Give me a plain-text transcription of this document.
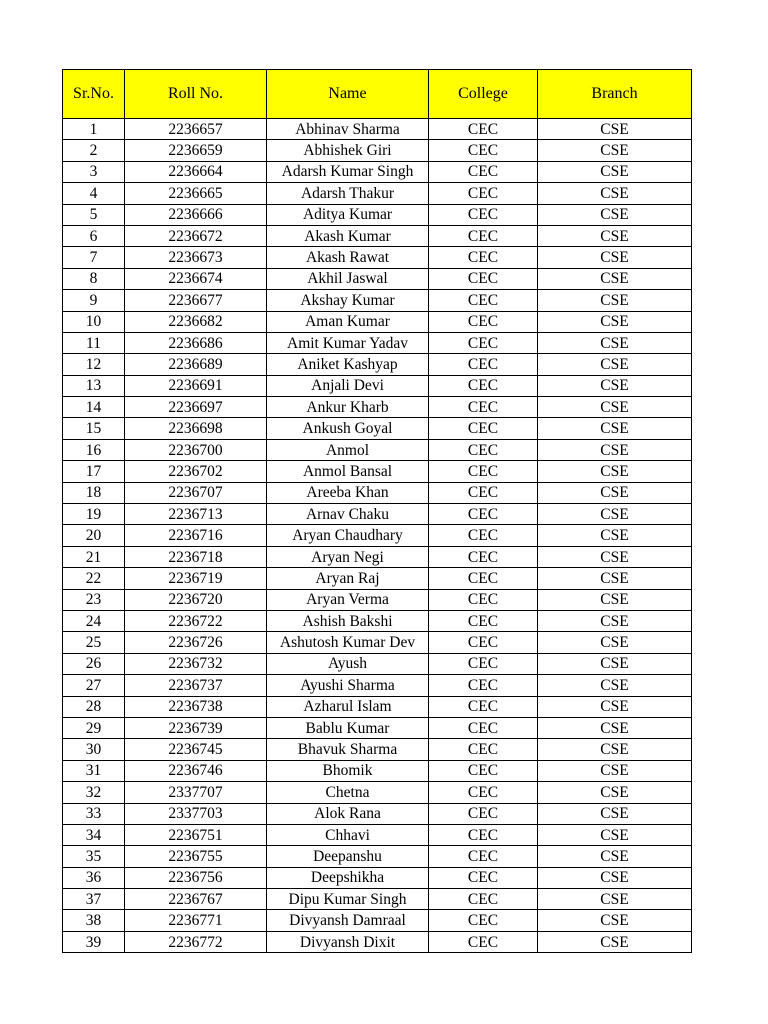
Sr.No.	Roll No.	Name	College	Branch
1	2236657	Abhinav Sharma	CEC	CSE
2	2236659	Abhishek Giri	CEC	CSE
3	2236664	Adarsh Kumar Singh	CEC	CSE
4	2236665	Adarsh Thakur	CEC	CSE
5	2236666	Aditya Kumar	CEC	CSE
6	2236672	Akash Kumar	CEC	CSE
7	2236673	Akash Rawat	CEC	CSE
8	2236674	Akhil Jaswal	CEC	CSE
9	2236677	Akshay Kumar	CEC	CSE
10	2236682	Aman Kumar	CEC	CSE
11	2236686	Amit Kumar Yadav	CEC	CSE
12	2236689	Aniket Kashyap	CEC	CSE
13	2236691	Anjali Devi	CEC	CSE
14	2236697	Ankur Kharb	CEC	CSE
15	2236698	Ankush Goyal	CEC	CSE
16	2236700	Anmol	CEC	CSE
17	2236702	Anmol Bansal	CEC	CSE
18	2236707	Areeba Khan	CEC	CSE
19	2236713	Arnav Chaku	CEC	CSE
20	2236716	Aryan Chaudhary	CEC	CSE
21	2236718	Aryan Negi	CEC	CSE
22	2236719	Aryan Raj	CEC	CSE
23	2236720	Aryan Verma	CEC	CSE
24	2236722	Ashish Bakshi	CEC	CSE
25	2236726	Ashutosh Kumar Dev	CEC	CSE
26	2236732	Ayush	CEC	CSE
27	2236737	Ayushi Sharma	CEC	CSE
28	2236738	Azharul Islam	CEC	CSE
29	2236739	Bablu Kumar	CEC	CSE
30	2236745	Bhavuk Sharma	CEC	CSE
31	2236746	Bhomik	CEC	CSE
32	2337707	Chetna	CEC	CSE
33	2337703	Alok Rana	CEC	CSE
34	2236751	Chhavi	CEC	CSE
35	2236755	Deepanshu	CEC	CSE
36	2236756	Deepshikha	CEC	CSE
37	2236767	Dipu Kumar Singh	CEC	CSE
38	2236771	Divyansh Damraal	CEC	CSE
39	2236772	Divyansh Dixit	CEC	CSE
